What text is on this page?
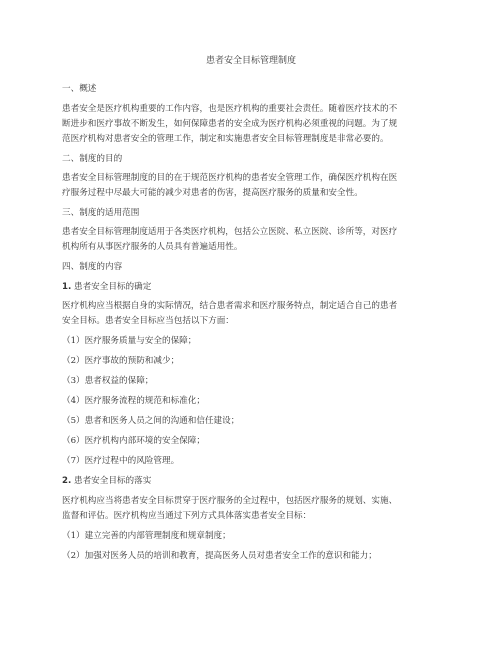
患者安全目标管理制度
一、概述
患者安全是医疗机构重要的工作内容，也是医疗机构的重要社会责任。随着医疗技术的不
断进步和医疗事故不断发生，如何保障患者的安全成为医疗机构必须重视的问题。为了规
范医疗机构对患者安全的管理工作，制定和实施患者安全目标管理制度是非常必要的。
二、制度的目的
患者安全目标管理制度的目的在于规范医疗机构的患者安全管理工作，确保医疗机构在医
疗服务过程中尽最大可能的减少对患者的伤害，提高医疗服务的质量和安全性。
三、制度的适用范围
患者安全目标管理制度适用于各类医疗机构，包括公立医院、私立医院、诊所等，对医疗
机构所有从事医疗服务的人员具有普遍适用性。
四、制度的内容
1. 患者安全目标的确定
医疗机构应当根据自身的实际情况，结合患者需求和医疗服务特点，制定适合自己的患者
安全目标。患者安全目标应当包括以下方面：
（1）医疗服务质量与安全的保障；
（2）医疗事故的预防和减少；
（3）患者权益的保障；
（4）医疗服务流程的规范和标准化；
（5）患者和医务人员之间的沟通和信任建设；
（6）医疗机构内部环境的安全保障；
（7）医疗过程中的风险管理。
2. 患者安全目标的落实
医疗机构应当将患者安全目标贯穿于医疗服务的全过程中，包括医疗服务的规划、实施、
监督和评估。医疗机构应当通过下列方式具体落实患者安全目标：
（1）建立完善的内部管理制度和规章制度；
（2）加强对医务人员的培训和教育，提高医务人员对患者安全工作的意识和能力；
